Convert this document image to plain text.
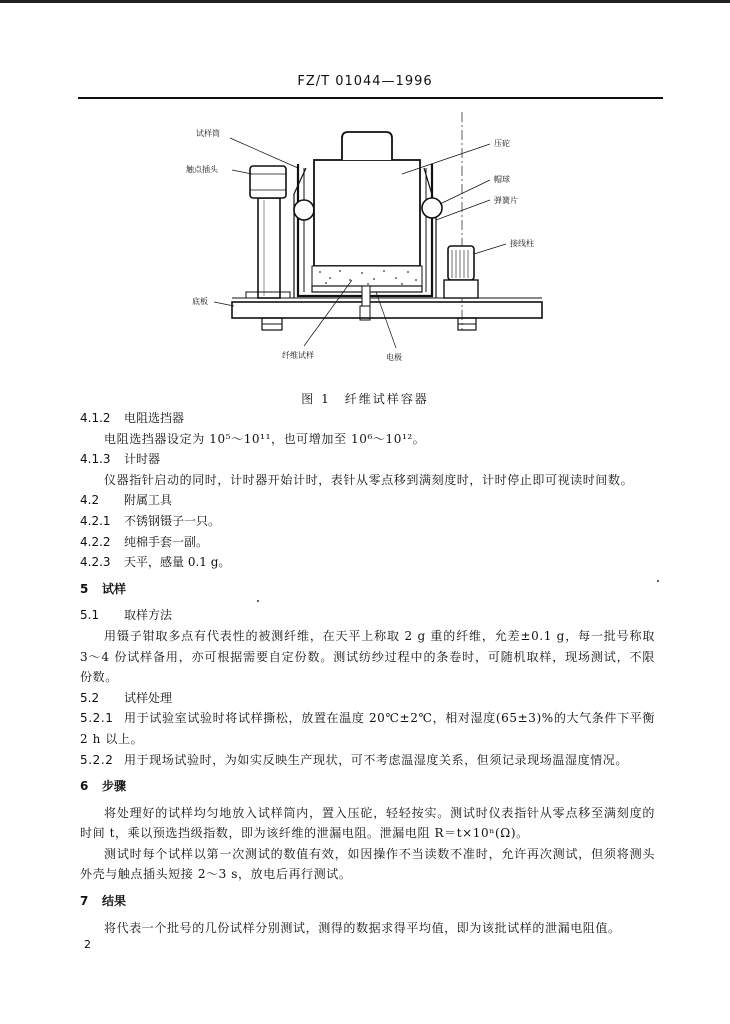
FZ/T 01044—1996
试样筒
触点插头
压砣
帽球
弹簧片
接线柱
底板
纤维试样	电极
图 1　纤维试样容器

4.1.2 电阻选挡器

电阻选挡器设定为 10⁵～10¹¹，也可增加至 10⁶～10¹²。

4.1.3 计时器

仪器指针启动的同时，计时器开始计时，表针从零点移到满刻度时，计时停止即可视读时间数。

4.2 附属工具

4.2.1 不锈钢镊子一只。

4.2.2 纯棉手套一副。

4.2.3 天平，感量 0.1 g。

5 试样

5.1 取样方法

用镊子钳取多点有代表性的被测纤维，在天平上称取 2 g 重的纤维，允差±0.1 g，每一批号称取 3～4 份试样备用，亦可根据需要自定份数。测试纺纱过程中的条卷时，可随机取样，现场测试，不限份数。

5.2 试样处理

5.2.1 用于试验室试验时将试样撕松，放置在温度 20℃±2℃，相对湿度(65±3)%的大气条件下平衡 2 h 以上。

5.2.2 用于现场试验时，为如实反映生产现状，可不考虑温湿度关系，但须记录现场温湿度情况。

6 步骤

将处理好的试样均匀地放入试样筒内，置入压砣，轻轻按实。测试时仪表指针从零点移至满刻度的时间 t，乘以预选挡级指数，即为该纤维的泄漏电阻。泄漏电阻 R＝t×10ⁿ(Ω)。

测试时每个试样以第一次测试的数值有效，如因操作不当读数不准时，允许再次测试，但须将测头外壳与触点插头短接 2～3 s，放电后再行测试。

7 结果

将代表一个批号的几份试样分别测试，测得的数据求得平均值，即为该批试样的泄漏电阻值。

2
